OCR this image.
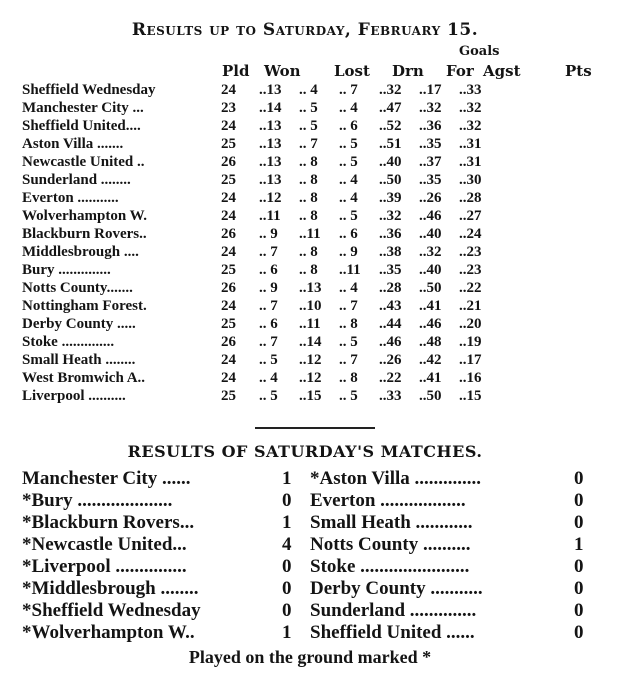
Results up to Saturday, February 15.
Goals
Pld Won Lost Drn For Agst	Pts
Sheffield Wednesday	24	..13	.. 4	.. 7	..32	..17	..33
Manchester City ...	23	..14	.. 5	.. 4	..47	..32	..32
Sheffield United....	24	..13	.. 5	.. 6	..52	..36	..32
Aston Villa .......	25	..13	.. 7	.. 5	..51	..35	..31
Newcastle United ..	26	..13	.. 8	.. 5	..40	..37	..31
Sunderland ........	25	..13	.. 8	.. 4	..50	..35	..30
Everton ...........	24	..12	.. 8	.. 4	..39	..26	..28
Wolverhampton W.	24	..11	.. 8	.. 5	..32	..46	..27
Blackburn Rovers..	26	.. 9	..11	.. 6	..36	..40	..24
Middlesbrough ....	24	.. 7	.. 8	.. 9	..38	..32	..23
Bury ..............	25	.. 6	.. 8	..11	..35	..40	..23
Notts County.......	26	.. 9	..13	.. 4	..28	..50	..22
Nottingham Forest.	24	.. 7	..10	.. 7	..43	..41	..21
Derby County .....	25	.. 6	..11	.. 8	..44	..46	..20
Stoke ..............	26	.. 7	..14	.. 5	..46	..48	..19
Small Heath ........	24	.. 5	..12	.. 7	..26	..42	..17
West Bromwich A..	24	.. 4	..12	.. 8	..22	..41	..16
Liverpool ..........	25	.. 5	..15	.. 5	..33	..50	..15
RESULTS OF SATURDAY'S MATCHES.
Manchester City ......	1	*Aston Villa ..............	0
*Bury ....................	0	Everton ..................	0
*Blackburn Rovers...	1	Small Heath ............	0
*Newcastle United...	4	Notts County ..........	1
*Liverpool ...............	0	Stoke .......................	0
*Middlesbrough ........	0	Derby County ...........	0
*Sheffield Wednesday	0	Sunderland ..............	0
*Wolverhampton W..	1	Sheffield United ......	0
Played on the ground marked *
